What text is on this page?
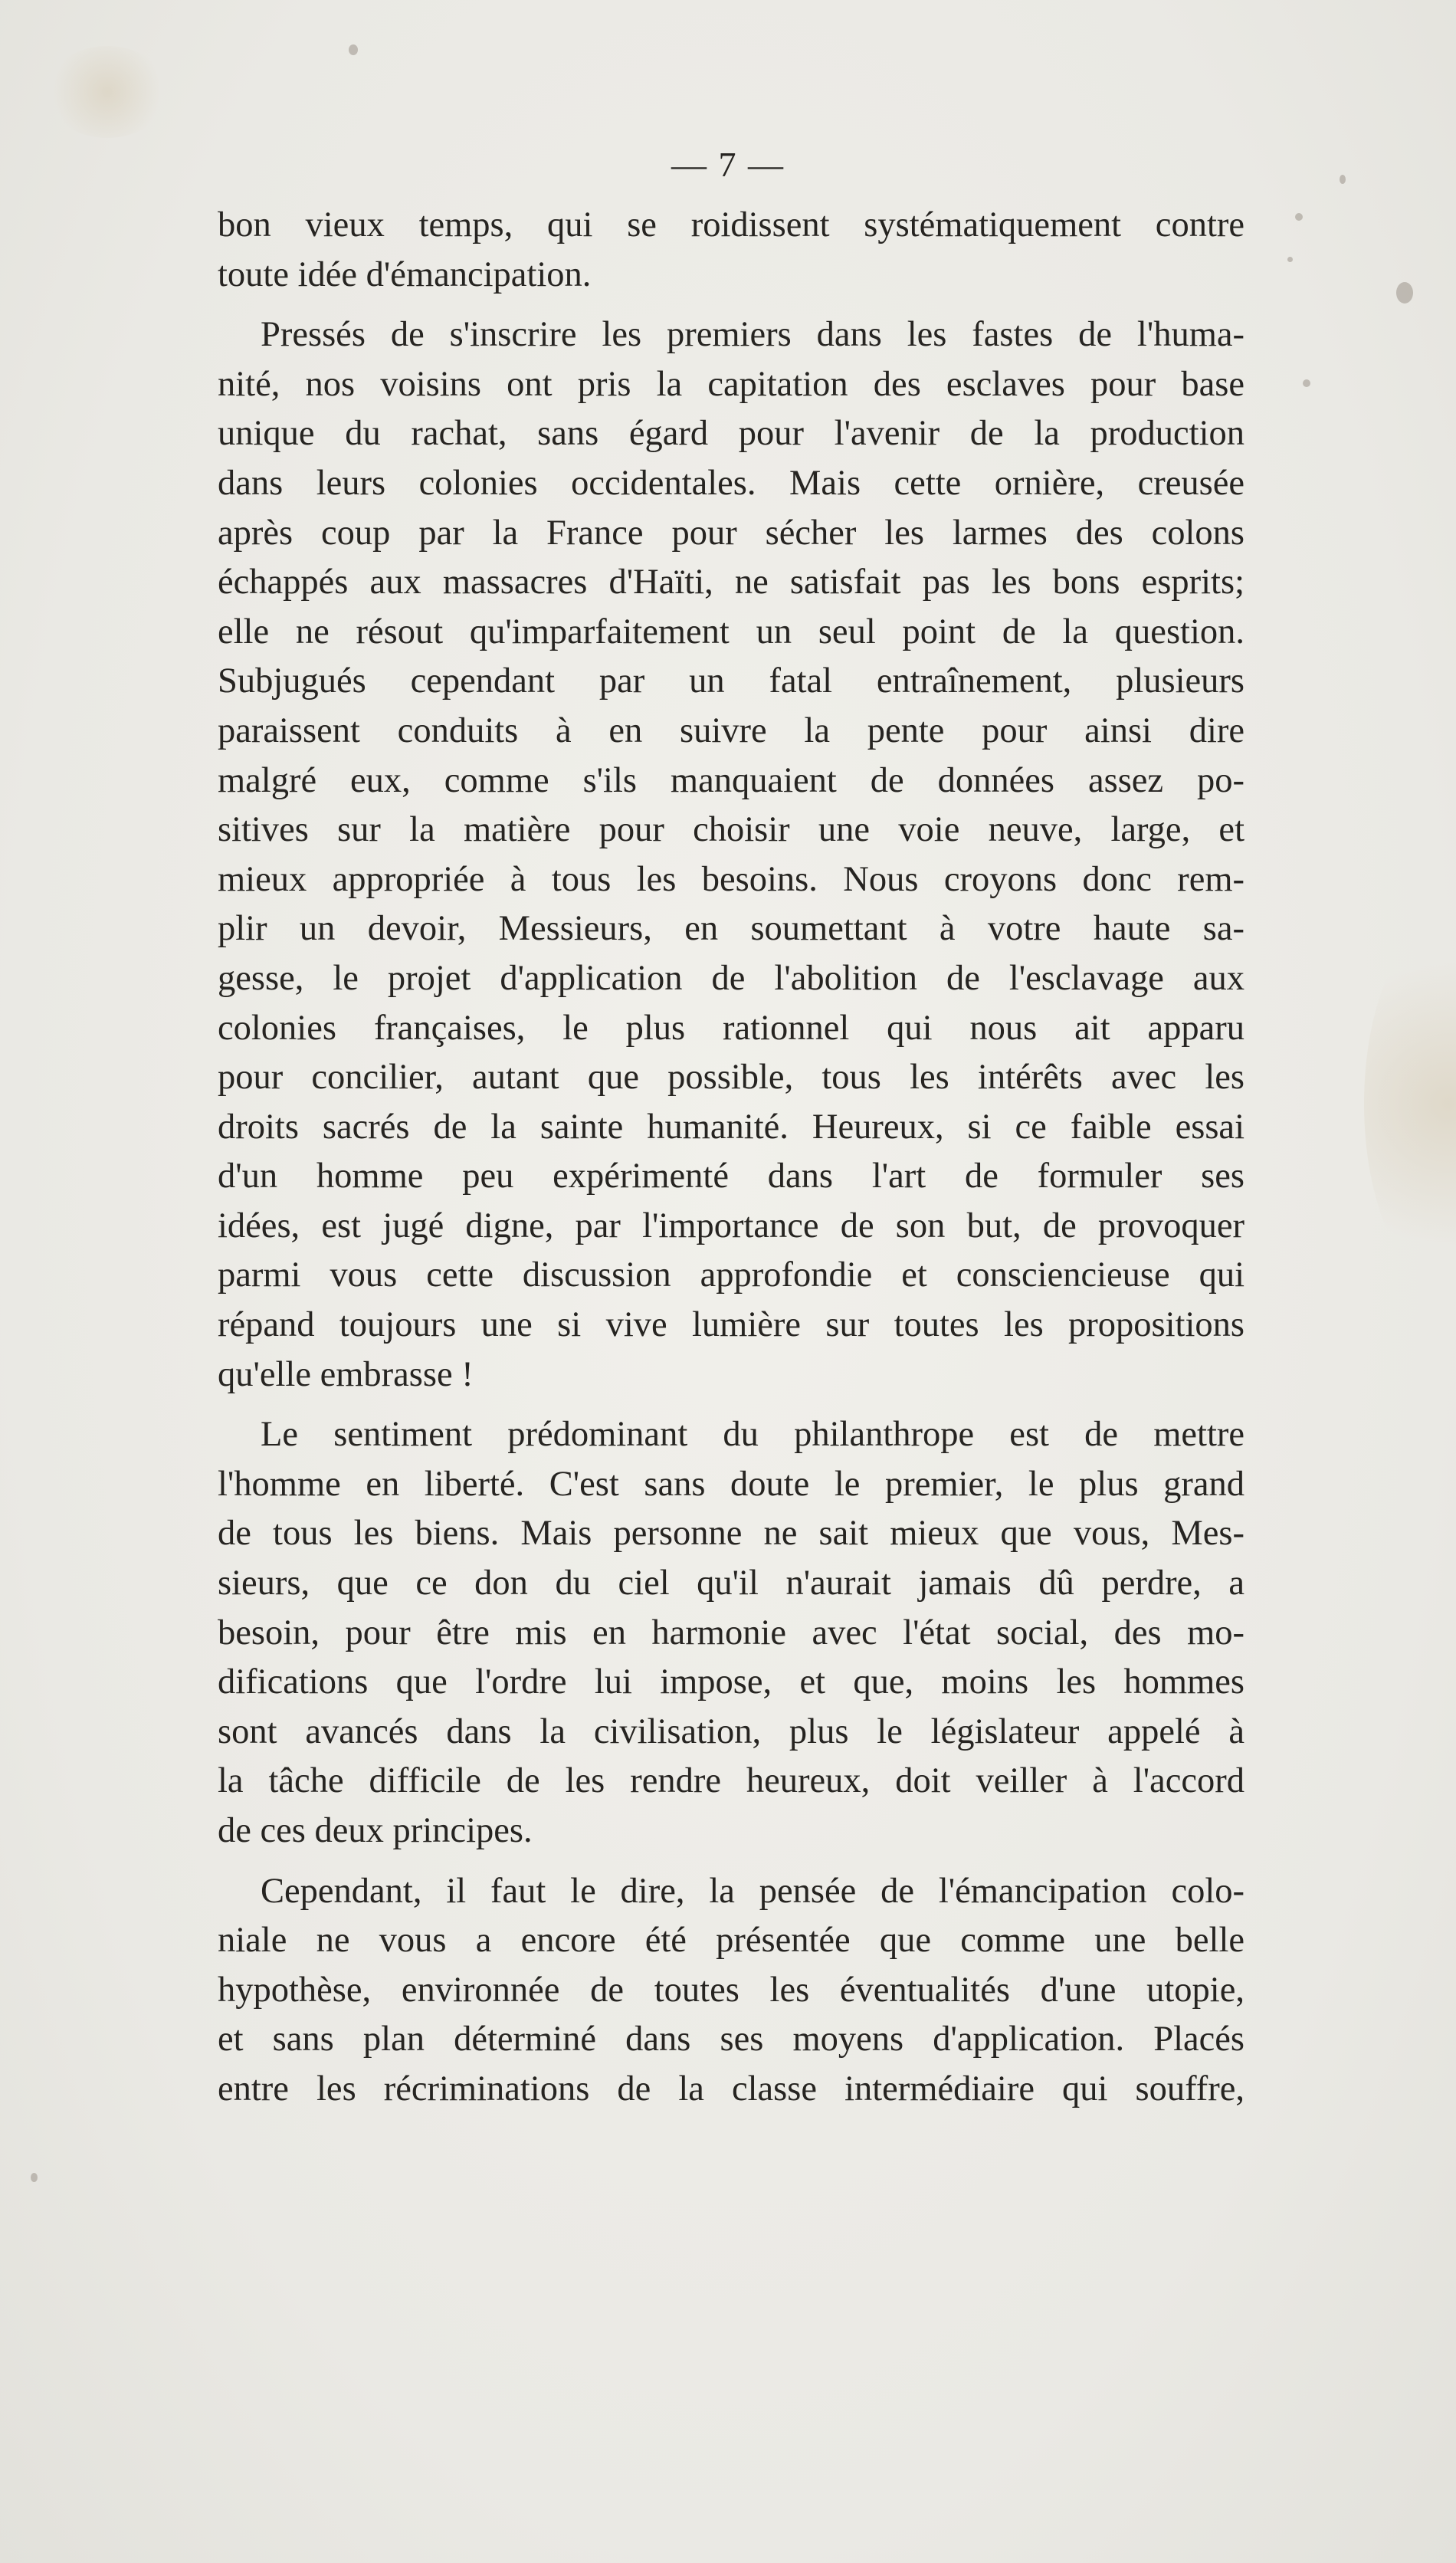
— 7 —
bon vieux temps, qui se roidissent systématiquement contre
toute idée d'émancipation.
Pressés de s'inscrire les premiers dans les fastes de l'huma-
nité, nos voisins ont pris la capitation des esclaves pour base
unique du rachat, sans égard pour l'avenir de la production
dans leurs colonies occidentales. Mais cette ornière, creusée
après coup par la France pour sécher les larmes des colons
échappés aux massacres d'Haïti, ne satisfait pas les bons esprits;
elle ne résout qu'imparfaitement un seul point de la question.
Subjugués cependant par un fatal entraînement, plusieurs
paraissent conduits à en suivre la pente pour ainsi dire
malgré eux, comme s'ils manquaient de données assez po-
sitives sur la matière pour choisir une voie neuve, large, et
mieux appropriée à tous les besoins. Nous croyons donc rem-
plir un devoir, Messieurs, en soumettant à votre haute sa-
gesse, le projet d'application de l'abolition de l'esclavage aux
colonies françaises, le plus rationnel qui nous ait apparu
pour concilier, autant que possible, tous les intérêts avec les
droits sacrés de la sainte humanité. Heureux, si ce faible essai
d'un homme peu expérimenté dans l'art de formuler ses
idées, est jugé digne, par l'importance de son but, de provoquer
parmi vous cette discussion approfondie et consciencieuse qui
répand toujours une si vive lumière sur toutes les propositions
qu'elle embrasse !
Le sentiment prédominant du philanthrope est de mettre
l'homme en liberté. C'est sans doute le premier, le plus grand
de tous les biens. Mais personne ne sait mieux que vous, Mes-
sieurs, que ce don du ciel qu'il n'aurait jamais dû perdre, a
besoin, pour être mis en harmonie avec l'état social, des mo-
difications que l'ordre lui impose, et que, moins les hommes
sont avancés dans la civilisation, plus le législateur appelé à
la tâche difficile de les rendre heureux, doit veiller à l'accord
de ces deux principes.
Cependant, il faut le dire, la pensée de l'émancipation colo-
niale ne vous a encore été présentée que comme une belle
hypothèse, environnée de toutes les éventualités d'une utopie,
et sans plan déterminé dans ses moyens d'application. Placés
entre les récriminations de la classe intermédiaire qui souffre,
